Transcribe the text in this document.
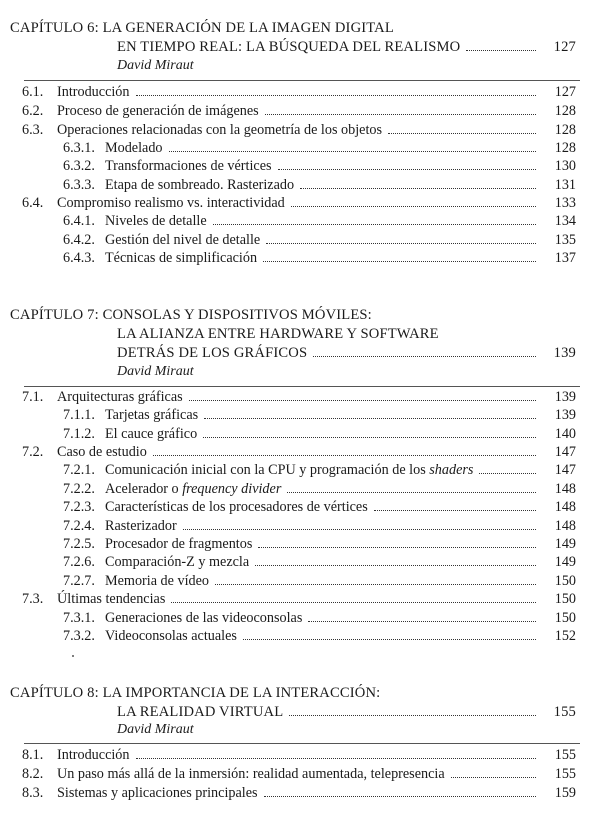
CAPÍTULO 6: LA GENERACIÓN DE LA IMAGEN DIGITAL
EN TIEMPO REAL: LA BÚSQUEDA DEL REALISMO	127
David Miraut
6.1. Introducción	127
6.2. Proceso de generación de imágenes	128
6.3. Operaciones relacionadas con la geometría de los objetos	128
6.3.1. Modelado	128
6.3.2. Transformaciones de vértices	130
6.3.3. Etapa de sombreado. Rasterizado	131
6.4. Compromiso realismo vs. interactividad	133
6.4.1. Niveles de detalle	134
6.4.2. Gestión del nivel de detalle	135
6.4.3. Técnicas de simplificación	137
CAPÍTULO 7: CONSOLAS Y DISPOSITIVOS MÓVILES:
LA ALIANZA ENTRE HARDWARE Y SOFTWARE
DETRÁS DE LOS GRÁFICOS	139
David Miraut
7.1. Arquitecturas gráficas	139
7.1.1. Tarjetas gráficas	139
7.1.2. El cauce gráfico	140
7.2. Caso de estudio	147
7.2.1. Comunicación inicial con la CPU y programación de los shaders	147
7.2.2. Acelerador o frequency divider	148
7.2.3. Características de los procesadores de vértices	148
7.2.4. Rasterizador	148
7.2.5. Procesador de fragmentos	149
7.2.6. Comparación-Z y mezcla	149
7.2.7. Memoria de vídeo	150
7.3. Últimas tendencias	150
7.3.1. Generaciones de las videoconsolas	150
7.3.2. Videoconsolas actuales	152
CAPÍTULO 8: LA IMPORTANCIA DE LA INTERACCIÓN:
LA REALIDAD VIRTUAL	155
David Miraut
8.1. Introducción	155
8.2. Un paso más allá de la inmersión: realidad aumentada, telepresencia	155
8.3. Sistemas y aplicaciones principales	159
